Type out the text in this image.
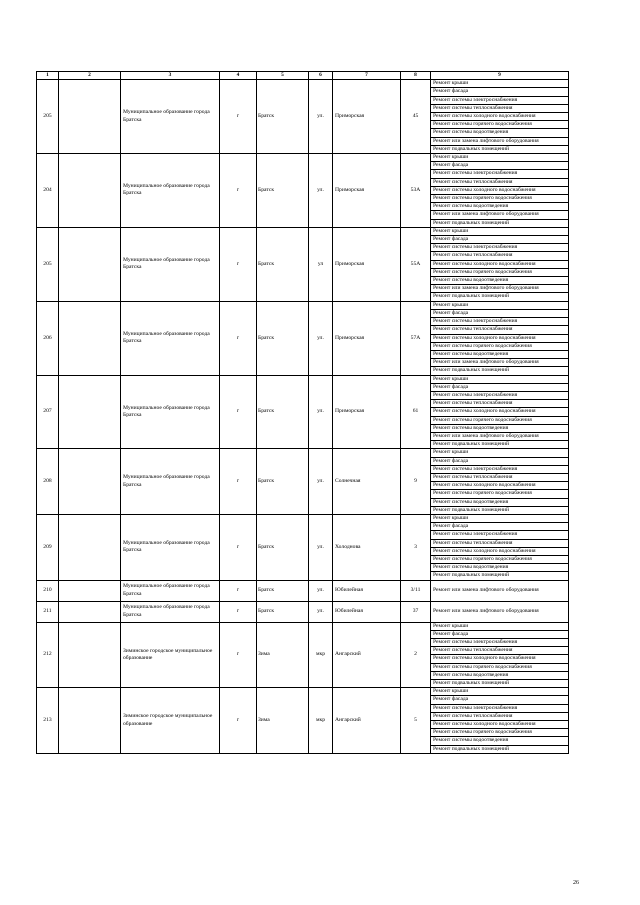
1	2	3	4	5	6	7	8	9
205		Муниципальное образование города Братска	г	Братск	ул.	Приморская	45	Ремонт крыши
								Ремонт фасада
								Ремонт системы электроснабжения
								Ремонт системы теплоснабжения
								Ремонт системы холодного водоснабжения
								Ремонт системы горячего водоснабжения
								Ремонт системы водоотведения
								Ремонт или замена лифтового оборудования
								Ремонт подвальных помещений
204		Муниципальное образование города Братска	г	Братск	ул.	Приморская	53А	Ремонт крыши
								Ремонт фасада
								Ремонт системы электроснабжения
								Ремонт системы теплоснабжения
								Ремонт системы холодного водоснабжения
								Ремонт системы горячего водоснабжения
								Ремонт системы водоотведения
								Ремонт или замена лифтового оборудования
								Ремонт подвальных помещений
205		Муниципальное образование города Братска	г	Братск	ул	Приморская	55А	Ремонт крыши
								Ремонт фасада
								Ремонт системы электроснабжения
								Ремонт системы теплоснабжения
								Ремонт системы холодного водоснабжения
								Ремонт системы горячего водоснабжения
								Ремонт системы водоотведения
								Ремонт или замена лифтового оборудования
								Ремонт подвальных помещений
206		Муниципальное образование города Братска	г	Братск	ул.	Приморская	57А	Ремонт крыши
								Ремонт фасада
								Ремонт системы электроснабжения
								Ремонт системы теплоснабжения
								Ремонт системы холодного водоснабжения
								Ремонт системы горячего водоснабжения
								Ремонт системы водоотведения
								Ремонт или замена лифтового оборудования
								Ремонт подвальных помещений
207		Муниципальное образование города Братска	г	Братск	ул.	Приморская	61	Ремонт крыши
								Ремонт фасада
								Ремонт системы электроснабжения
								Ремонт системы теплоснабжения
								Ремонт системы холодного водоснабжения
								Ремонт системы горячего водоснабжения
								Ремонт системы водоотведения
								Ремонт или замена лифтового оборудования
								Ремонт подвальных помещений
208		Муниципальное образование города Братска	г	Братск	ул.	Солнечная	9	Ремонт крыши
								Ремонт фасада
								Ремонт системы электроснабжения
								Ремонт системы теплоснабжения
								Ремонт системы холодного водоснабжения
								Ремонт системы горячего водоснабжения
								Ремонт системы водоотведения
								Ремонт подвальных помещений
209		Муниципальное образование города Братска	г	Братск	ул.	Холоднова	3	Ремонт крыши
								Ремонт фасада
								Ремонт системы электроснабжения
								Ремонт системы теплоснабжения
								Ремонт системы холодного водоснабжения
								Ремонт системы горячего водоснабжения
								Ремонт системы водоотведения
								Ремонт подвальных помещений
210		Муниципальное образование города Братска	г	Братск	ул.	Юбилейная	3/11	Ремонт или замена лифтового оборудования
211		Муниципальное образование города Братска	г	Братск	ул.	Юбилейная	37	Ремонт или замена лифтового оборудования
212		Зиминское городское муниципальное образование	г	Зима	мкр	Ангарский	2	Ремонт крыши
								Ремонт фасада
								Ремонт системы электроснабжения
								Ремонт системы теплоснабжения
								Ремонт системы холодного водоснабжения
								Ремонт системы горячего водоснабжения
								Ремонт системы водоотведения
								Ремонт подвальных помещений
213		Зиминское городское муниципальное образование	г	Зима	мкр	Ангарский	5	Ремонт крыши
								Ремонт фасада
								Ремонт системы электроснабжения
								Ремонт системы теплоснабжения
								Ремонт системы холодного водоснабжения
								Ремонт системы горячего водоснабжения
								Ремонт системы водоотведения
								Ремонт подвальных помещений
26
